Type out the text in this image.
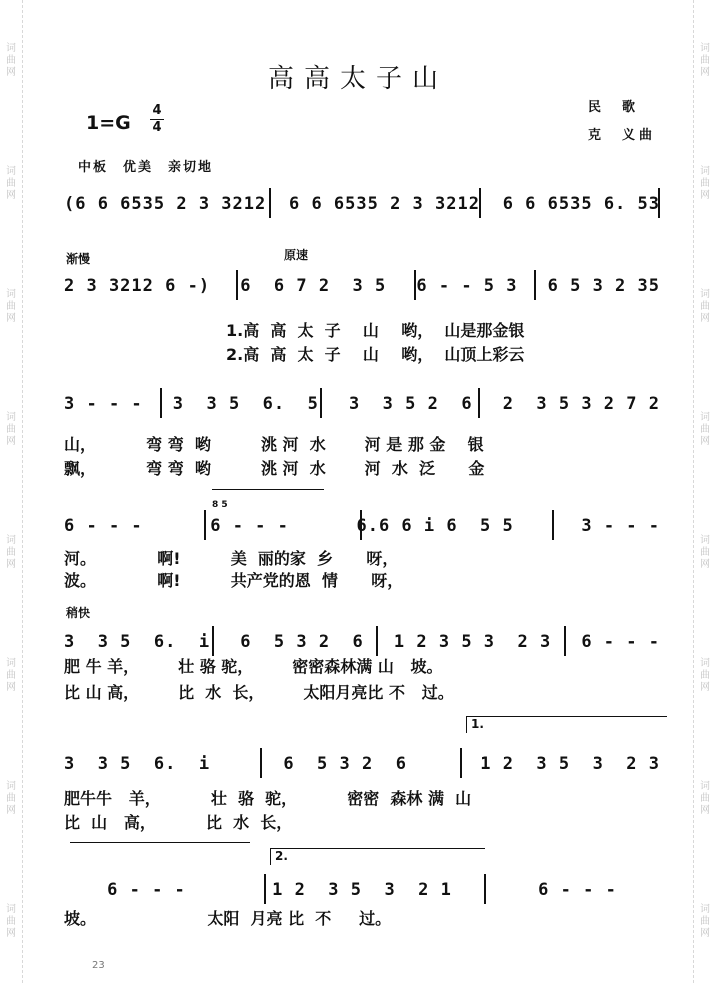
词
曲
网
词
曲
网
词
曲
网
词
曲
网
词
曲
网
词
曲
网
词
曲
网
词
曲
网
词
曲
网
词
曲
网
词
曲
网
词
曲
网
词
曲
网
词
曲
网
词
曲
网
词
曲
网
高高太子山
1=G
4
4
民　歌
克　义曲
中板　优美　亲切地
(6 6 6535 2 3 3212 6 6 6535 2 3 3212 6 6 6535 6. 53
渐慢	原速
2 3 3212 6 -) 6  6 7 2  3 5 6 - - 5 3 6 5 3 2 35
1.高  高  太  子    山    哟，  山是那金银
2.高  高  太  子    山    哟，  山顶上彩云
3 - - - 3  3 5  6.  5 3  3 5 2  6 2  3 5 3 2 7 2
山，         弯 弯  哟         洮 河  水       河 是 那 金    银
飘，         弯 弯  哟         洮 河  水       河  水  泛      金
8 5
6 - - -	6 - - -	6.6 6 i 6  5 5	3 - - -
河。           啊!         美  丽的家  乡      呀，
波。           啊!         共产党的恩  情      呀，
稍快
3  3 5  6.  i 6  5 3 2  6 1 2 3 5 3  2 3 6 - - -
肥 牛 羊，       壮 骆 驼，       密密森林满 山   坡。
比 山 高，       比  水  长，       太阳月亮比 不   过。
1.
3  3 5  6.  i	6  5 3 2  6	1 2  3 5  3  2 3
肥牛牛   羊，         壮  骆  驼，         密密  森林 满  山
比  山   高，         比  水  长，
2.
6 - - -	1 2  3 5  3  2 1	6 - - -
坡。                    太阳  月亮 比  不     过。
23
